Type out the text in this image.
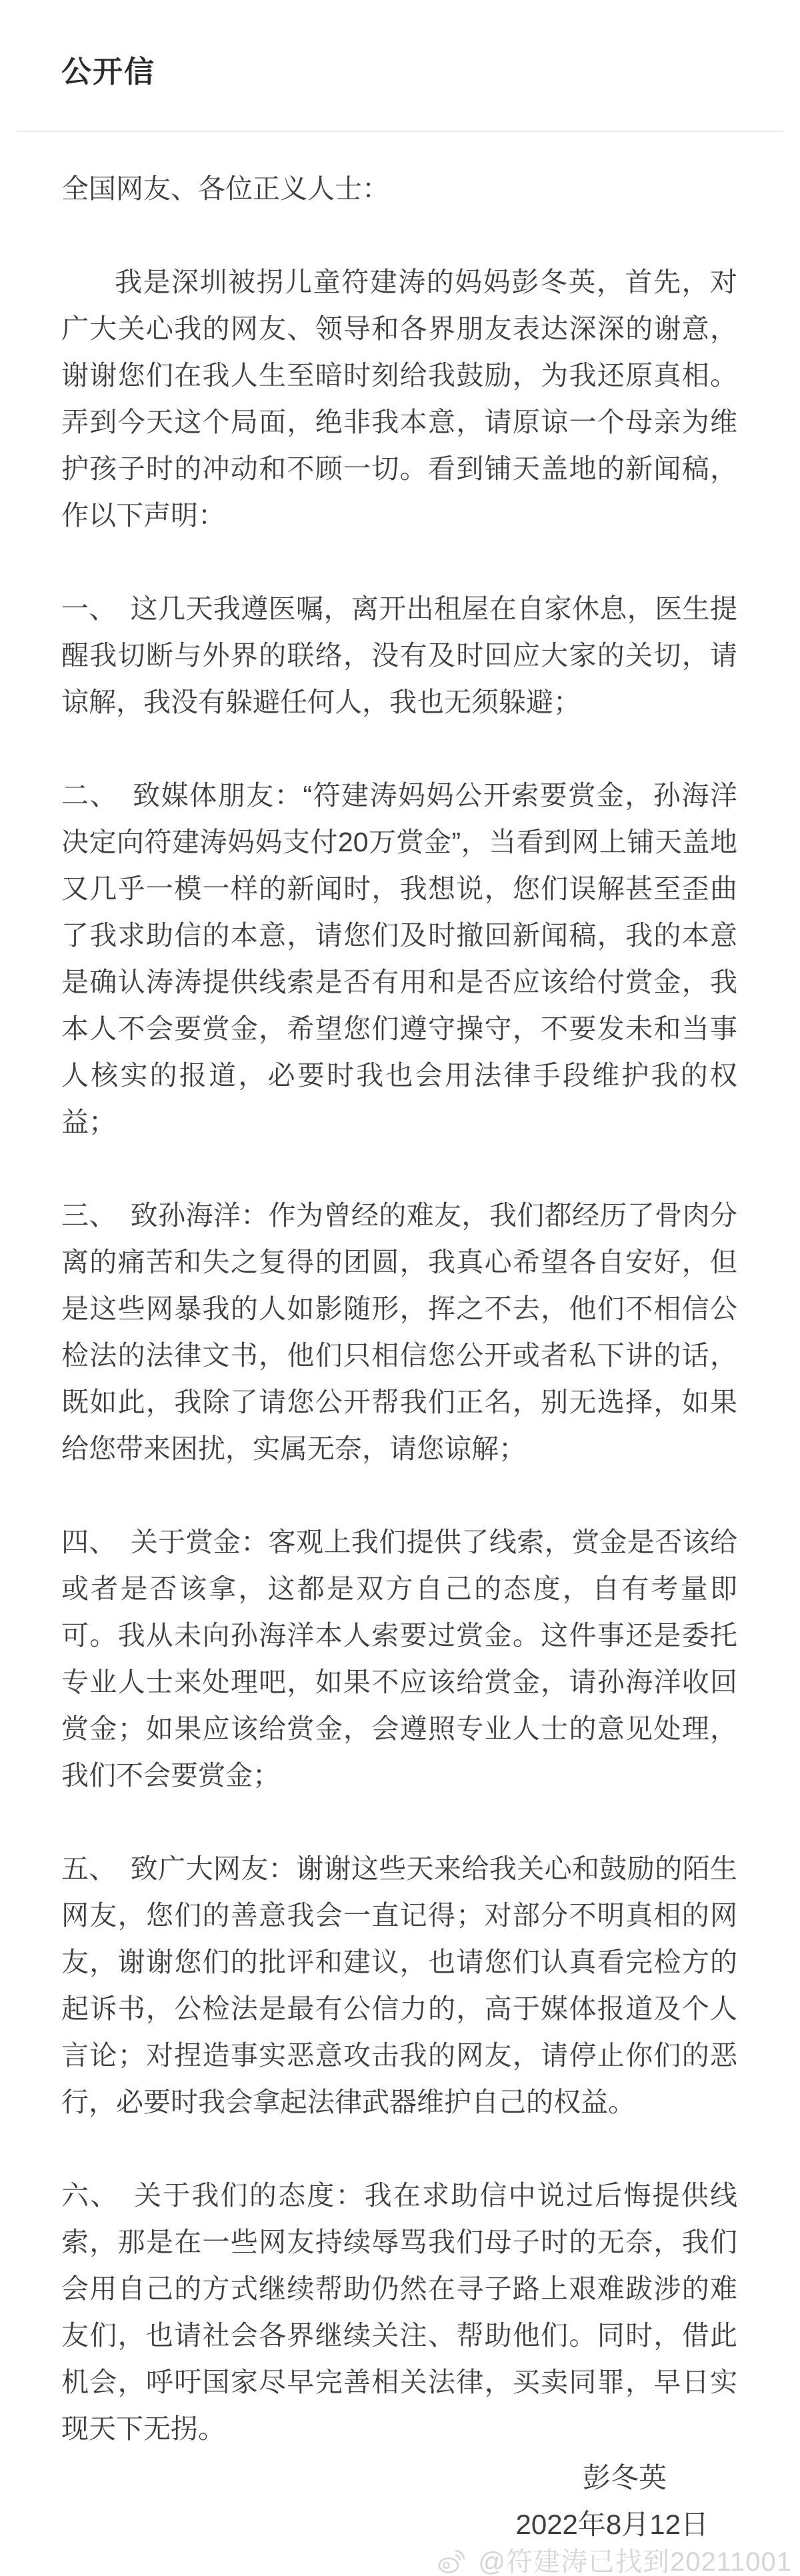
公开信
全国网友、各位正义人士：

我是深圳被拐儿童符建涛的妈妈彭冬英，首先，对广大关心我的网友、领导和各界朋友表达深深的谢意，谢谢您们在我人生至暗时刻给我鼓励，为我还原真相。弄到今天这个局面，绝非我本意，请原谅一个母亲为维护孩子时的冲动和不顾一切。看到铺天盖地的新闻稿，作以下声明：

一、 这几天我遵医嘱，离开出租屋在自家休息，医生提醒我切断与外界的联络，没有及时回应大家的关切，请谅解，我没有躲避任何人，我也无须躲避；

二、 致媒体朋友：“符建涛妈妈公开索要赏金，孙海洋决定向符建涛妈妈支付20万赏金”，当看到网上铺天盖地又几乎一模一样的新闻时，我想说，您们误解甚至歪曲了我求助信的本意，请您们及时撤回新闻稿，我的本意是确认涛涛提供线索是否有用和是否应该给付赏金，我本人不会要赏金，希望您们遵守操守，不要发未和当事人核实的报道，必要时我也会用法律手段维护我的权益；

三、 致孙海洋：作为曾经的难友，我们都经历了骨肉分离的痛苦和失之复得的团圆，我真心希望各自安好，但是这些网暴我的人如影随形，挥之不去，他们不相信公检法的法律文书，他们只相信您公开或者私下讲的话，既如此，我除了请您公开帮我们正名，别无选择，如果给您带来困扰，实属无奈，请您谅解；

四、 关于赏金：客观上我们提供了线索，赏金是否该给或者是否该拿，这都是双方自己的态度，自有考量即可。我从未向孙海洋本人索要过赏金。这件事还是委托专业人士来处理吧，如果不应该给赏金，请孙海洋收回赏金；如果应该给赏金，会遵照专业人士的意见处理，我们不会要赏金；

五、 致广大网友：谢谢这些天来给我关心和鼓励的陌生网友，您们的善意我会一直记得；对部分不明真相的网友，谢谢您们的批评和建议，也请您们认真看完检方的起诉书，公检法是最有公信力的，高于媒体报道及个人言论；对捏造事实恶意攻击我的网友，请停止你们的恶行，必要时我会拿起法律武器维护自己的权益。

六、 关于我们的态度：我在求助信中说过后悔提供线索，那是在一些网友持续辱骂我们母子时的无奈，我们会用自己的方式继续帮助仍然在寻子路上艰难跋涉的难友们，也请社会各界继续关注、帮助他们。同时，借此机会，呼吁国家尽早完善相关法律，买卖同罪，早日实现天下无拐。

彭冬英
2022年8月12日
@符建涛已找到20211001
